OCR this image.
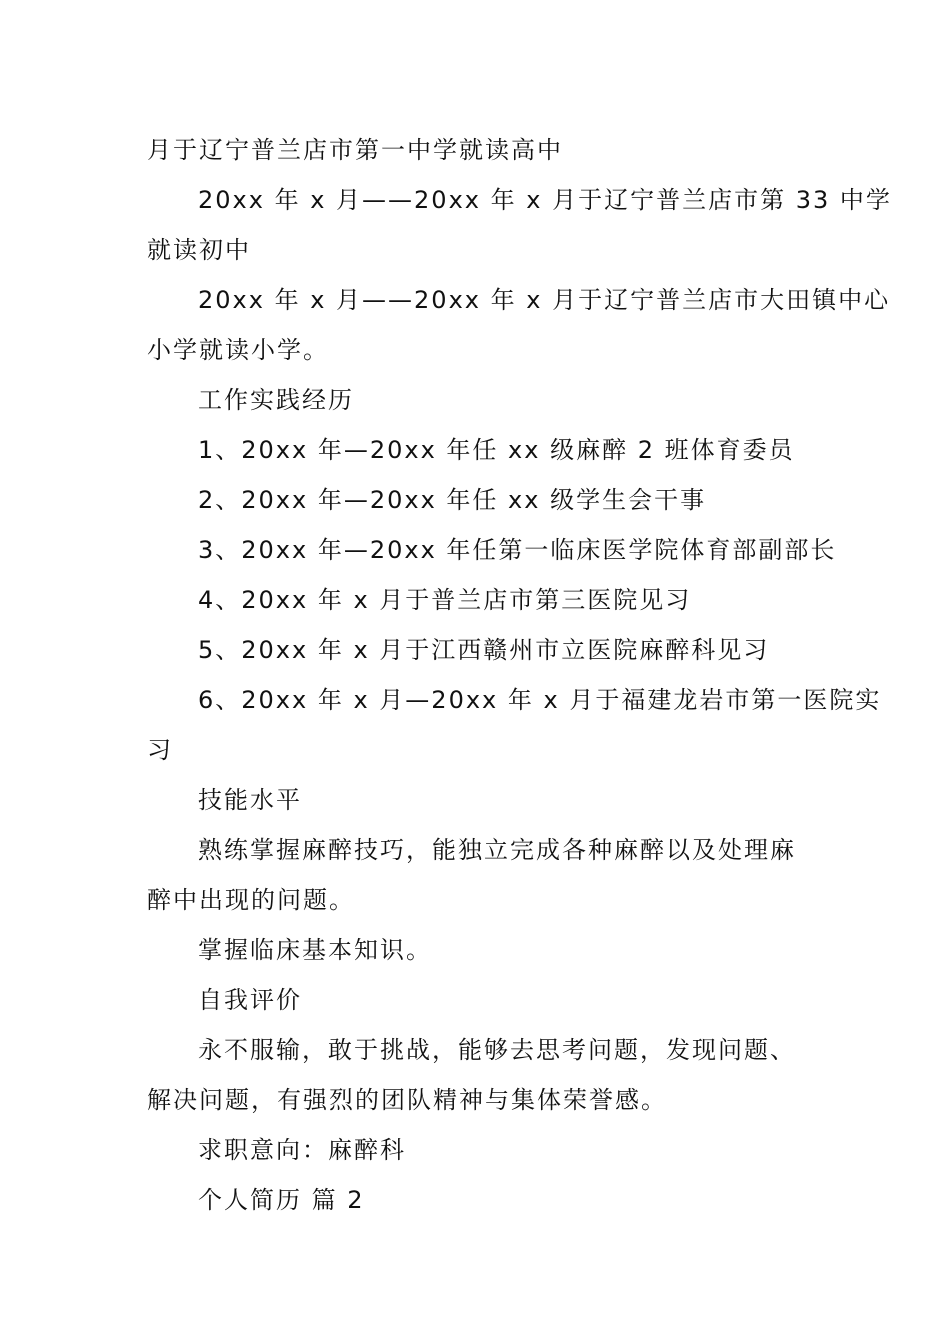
月于辽宁普兰店市第一中学就读高中
20xx 年 x 月——20xx 年 x 月于辽宁普兰店市第 33 中学
就读初中
20xx 年 x 月——20xx 年 x 月于辽宁普兰店市大田镇中心
小学就读小学。
工作实践经历
1、20xx 年—20xx 年任 xx 级麻醉 2 班体育委员
2、20xx 年—20xx 年任 xx 级学生会干事
3、20xx 年—20xx 年任第一临床医学院体育部副部长
4、20xx 年 x 月于普兰店市第三医院见习
5、20xx 年 x 月于江西赣州市立医院麻醉科见习
6、20xx 年 x 月—20xx 年 x 月于福建龙岩市第一医院实
习
技能水平
熟练掌握麻醉技巧，能独立完成各种麻醉以及处理麻
醉中出现的问题。
掌握临床基本知识。
自我评价
永不服输，敢于挑战，能够去思考问题，发现问题、
解决问题，有强烈的团队精神与集体荣誉感。
求职意向：麻醉科
个人简历 篇 2
